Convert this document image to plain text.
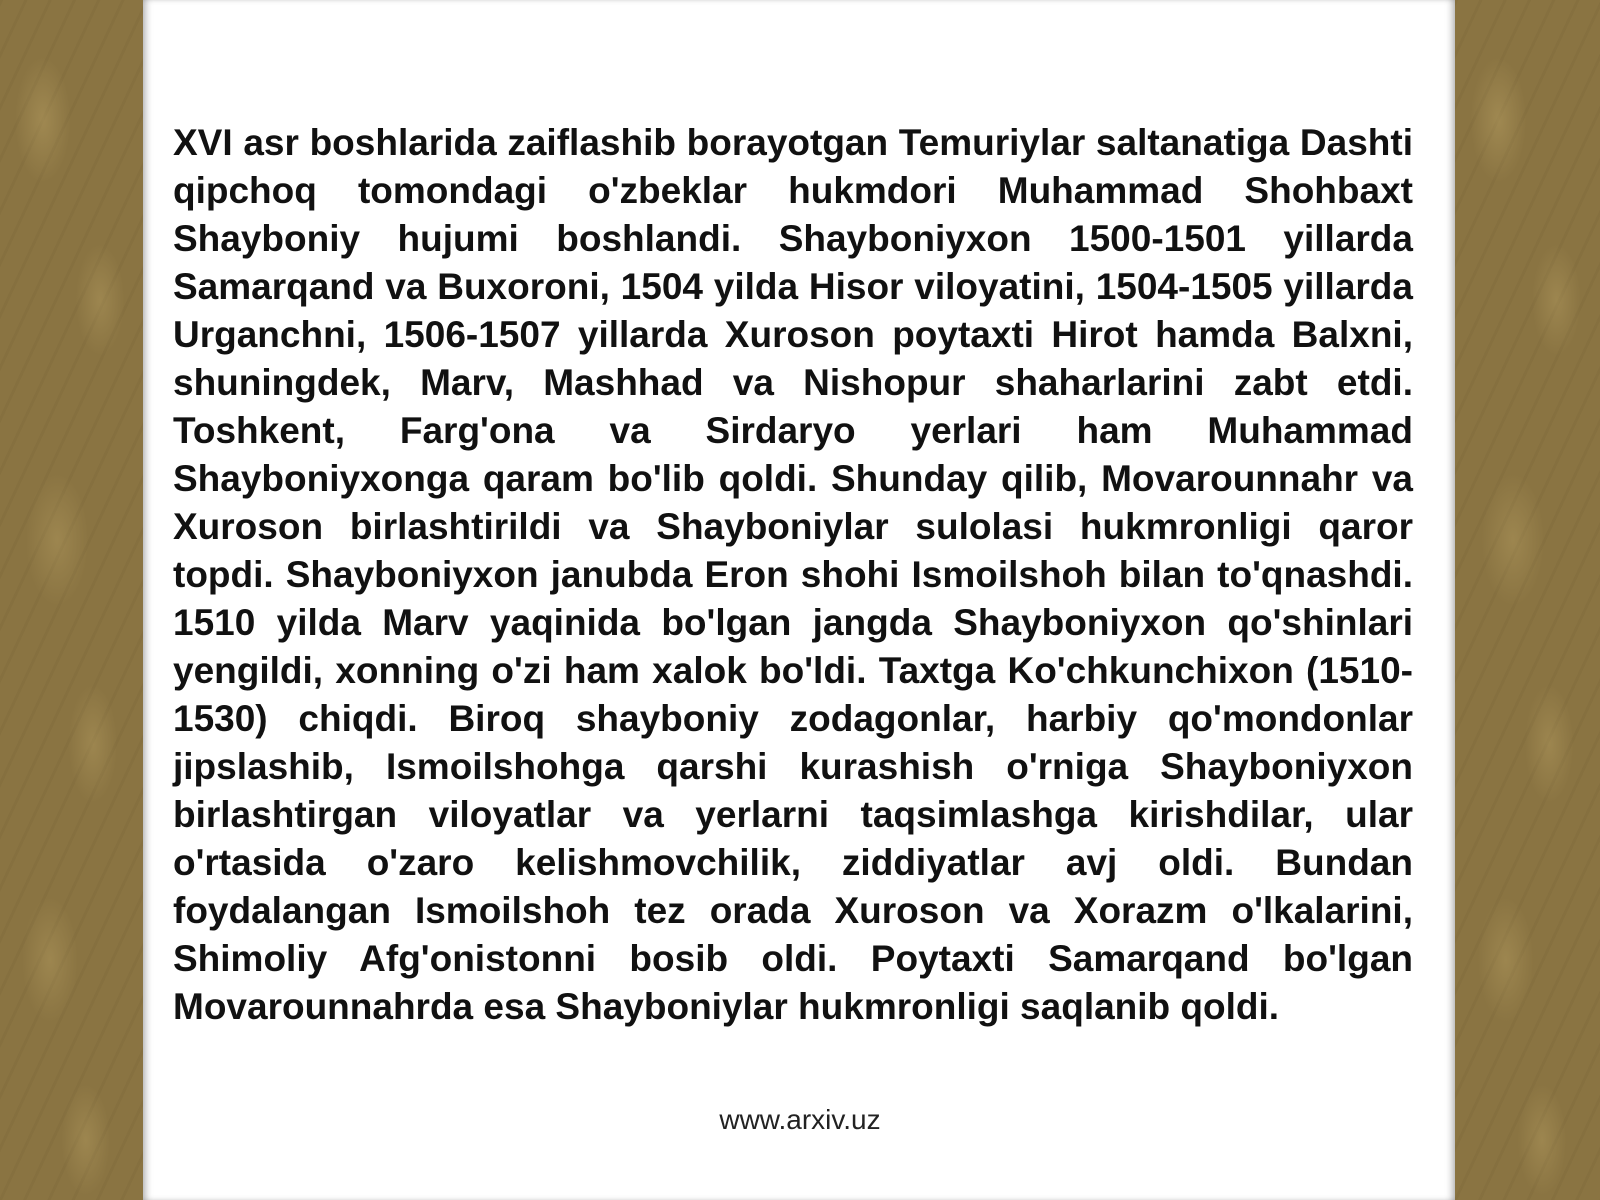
XVI asr boshlarida zaiflashib borayotgan Temuriylar saltanatiga Dashti qipchoq tomondagi o'zbeklar hukmdori Muhammad Shohbaxt Shayboniy hujumi boshlandi. Shayboniyxon 1500-1501 yillarda Samarqand va Buxoroni, 1504 yilda Hisor viloyatini, 1504-1505 yillarda Urganchni, 1506-1507 yillarda Xuroson poytaxti Hirot hamda Balxni, shuningdek, Marv, Mashhad va Nishopur shaharlarini zabt etdi. Toshkent, Farg'ona va Sirdaryo yerlari ham Muhammad Shayboniyxonga qaram bo'lib qoldi. Shunday qilib, Movarounnahr va Xuroson birlashtirildi va Shayboniylar sulolasi hukmronligi qaror topdi. Shayboniyxon janubda Eron shohi Ismoilshoh bilan to'qnashdi. 1510 yilda Marv yaqinida bo'lgan jangda Shayboniyxon qo'shinlari yengildi, xonning o'zi ham xalok bo'ldi. Taxtga Ko'chkunchixon (1510-1530) chiqdi. Biroq shayboniy zodagonlar, harbiy qo'mondonlar jipslashib, Ismoilshohga qarshi kurashish o'rniga Shayboniyxon birlashtirgan viloyatlar va yerlarni taqsimlashga kirishdilar, ular o'rtasida o'zaro kelishmovchilik, ziddiyatlar avj oldi. Bundan foydalangan Ismoilshoh tez orada Xuroson va Xorazm o'lkalarini, Shimoliy Afg'onistonni bosib oldi. Poytaxti Samarqand bo'lgan Movarounnahrda esa Shayboniylar hukmronligi saqlanib qoldi.

www.arxiv.uz
